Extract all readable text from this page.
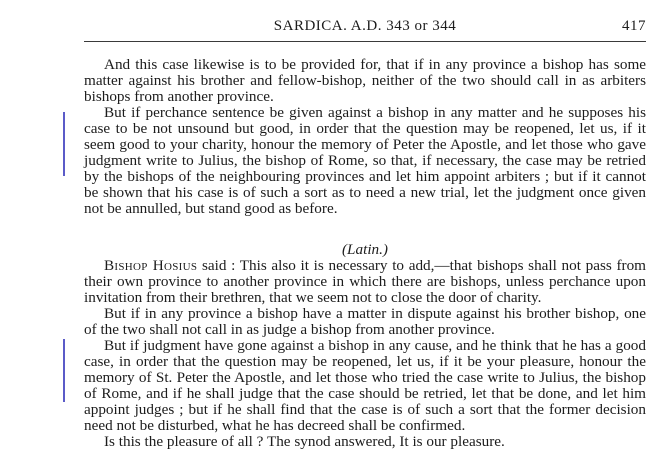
SARDICA. A.D. 343 or 344	417

And this case likewise is to be provided for, that if in any province a bishop has some matter against his brother and fellow-bishop, neither of the two should call in as arbiters bishops from another province.

But if perchance sentence be given against a bishop in any matter and he supposes his case to be not unsound but good, in order that the question may be reopened, let us, if it seem good to your charity, honour the memory of Peter the Apostle, and let those who gave judgment write to Julius, the bishop of Rome, so that, if necessary, the case may be retried by the bishops of the neighbouring provinces and let him appoint arbiters ; but if it cannot be shown that his case is of such a sort as to need a new trial, let the judgment once given not be annulled, but stand good as before.

(Latin.)

Bishop Hosius said : This also it is necessary to add,—that bishops shall not pass from their own province to another province in which there are bishops, unless perchance upon invitation from their brethren, that we seem not to close the door of charity.

But if in any province a bishop have a matter in dispute against his brother bishop, one of the two shall not call in as judge a bishop from another province.

But if judgment have gone against a bishop in any cause, and he think that he has a good case, in order that the question may be reopened, let us, if it be your pleasure, honour the memory of St. Peter the Apostle, and let those who tried the case write to Julius, the bishop of Rome, and if he shall judge that the case should be retried, let that be done, and let him appoint judges ; but if he shall find that the case is of such a sort that the former decision need not be disturbed, what he has decreed shall be confirmed.

Is this the pleasure of all ? The synod answered, It is our pleasure.
